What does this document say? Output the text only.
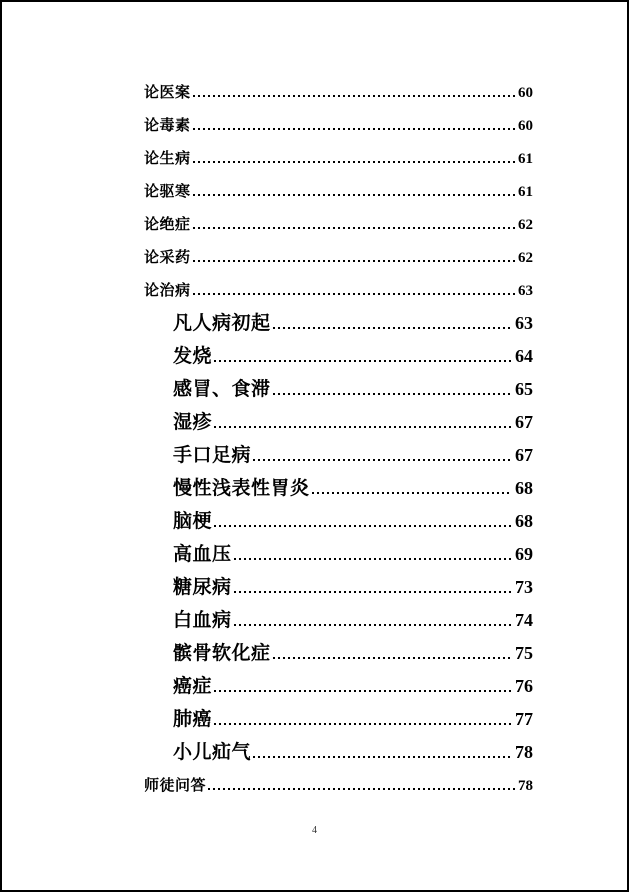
论医案	60
论毒素	60
论生病	61
论驱寒	61
论绝症	62
论采药	62
论治病	63
凡人病初起	63
发烧	64
感冒、食滞	65
湿疹	67
手口足病	67
慢性浅表性胃炎	68
脑梗	68
高血压	69
糖尿病	73
白血病	74
髌骨软化症	75
癌症	76
肺癌	77
小儿疝气	78
师徒问答	78
4
